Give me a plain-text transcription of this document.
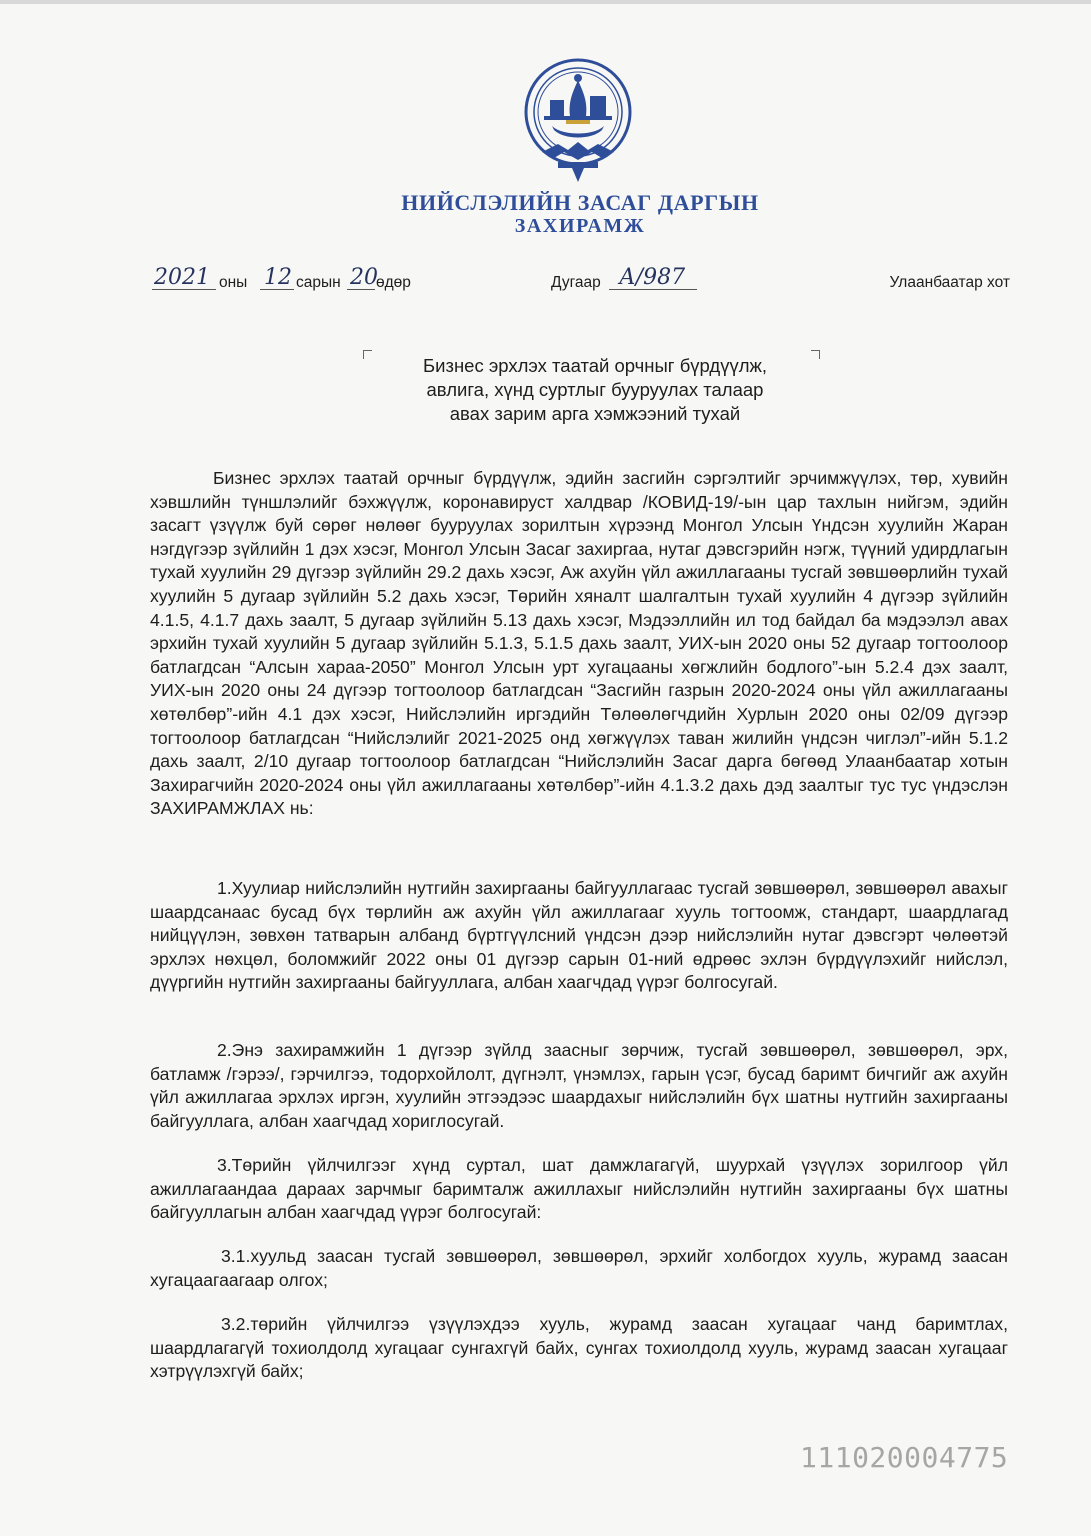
НИЙСЛЭЛИЙН ЗАСАГ ДАРГЫН
ЗАХИРАМЖ
2021 оны 12 сарын 20
өдөр	Дугаар А/987	Улаанбаатар хот
Бизнес эрхлэх таатай орчныг бүрдүүлж,
авлига, хүнд суртлыг бууруулах талаар
авах зарим арга хэмжээний тухай

Бизнес эрхлэх таатай орчныг бүрдүүлж, эдийн засгийн сэргэлтийг эрчимжүүлэх, төр, хувийн хэвшлийн түншлэлийг бэхжүүлж, коронавируст халдвар /КОВИД-19/-ын цар тахлын нийгэм, эдийн засагт үзүүлж буй сөрөг нөлөөг бууруулах зорилтын хүрээнд Монгол Улсын Үндсэн хуулийн Жаран нэгдүгээр зүйлийн 1 дэх хэсэг, Монгол Улсын Засаг захиргаа, нутаг дэвсгэрийн нэгж, түүний удирдлагын тухай хуулийн 29 дүгээр зүйлийн 29.2 дахь хэсэг, Аж ахуйн үйл ажиллагааны тусгай зөвшөөрлийн тухай хуулийн 5 дугаар зүйлийн 5.2 дахь хэсэг, Төрийн хяналт шалгалтын тухай хуулийн 4 дүгээр зүйлийн 4.1.5, 4.1.7 дахь заалт, 5 дугаар зүйлийн 5.13 дахь хэсэг, Мэдээллийн ил тод байдал ба мэдээлэл авах эрхийн тухай хуулийн 5 дугаар зүйлийн 5.1.3, 5.1.5 дахь заалт, УИХ-ын 2020 оны 52 дугаар тогтоолоор батлагдсан “Алсын хараа-2050” Монгол Улсын урт хугацааны хөгжлийн бодлого”-ын 5.2.4 дэх заалт, УИХ-ын 2020 оны 24 дүгээр тогтоолоор батлагдсан “Засгийн газрын 2020-2024 оны үйл ажиллагааны хөтөлбөр”-ийн 4.1 дэх хэсэг, Нийслэлийн иргэдийн Төлөөлөгчдийн Хурлын 2020 оны 02/09 дүгээр тогтоолоор батлагдсан “Нийслэлийг 2021-2025 онд хөгжүүлэх таван жилийн үндсэн чиглэл”-ийн 5.1.2 дахь заалт, 2/10 дугаар тогтоолоор батлагдсан “Нийслэлийн Засаг дарга бөгөөд Улаанбаатар хотын Захирагчийн 2020-2024 оны үйл ажиллагааны хөтөлбөр”-ийн 4.1.3.2 дахь дэд заалтыг тус тус үндэслэн ЗАХИРАМЖЛАХ нь:

1.Хуулиар нийслэлийн нутгийн захиргааны байгууллагаас тусгай зөвшөөрөл, зөвшөөрөл авахыг шаардсанаас бусад бүх төрлийн аж ахуйн үйл ажиллагааг хууль тогтоомж, стандарт, шаардлагад нийцүүлэн, зөвхөн татварын албанд бүртгүүлсний үндсэн дээр нийслэлийн нутаг дэвсгэрт чөлөөтэй эрхлэх нөхцөл, боломжийг 2022 оны 01 дүгээр сарын 01-ний өдрөөс эхлэн бүрдүүлэхийг нийслэл, дүүргийн нутгийн захиргааны байгууллага, албан хаагчдад үүрэг болгосугай.

2.Энэ захирамжийн 1 дүгээр зүйлд заасныг зөрчиж, тусгай зөвшөөрөл, зөвшөөрөл, эрх, батламж /гэрээ/, гэрчилгээ, тодорхойлолт, дүгнэлт, үнэмлэх, гарын үсэг, бусад баримт бичгийг аж ахуйн үйл ажиллагаа эрхлэх иргэн, хуулийн этгээдээс шаардахыг нийслэлийн бүх шатны нутгийн захиргааны байгууллага, албан хаагчдад хориглосугай.

3.Төрийн үйлчилгээг хүнд суртал, шат дамжлагагүй, шуурхай үзүүлэх зорилгоор үйл ажиллагаандаа дараах зарчмыг баримталж ажиллахыг нийслэлийн нутгийн захиргааны бүх шатны байгууллагын албан хаагчдад үүрэг болгосугай:

3.1.хуульд заасан тусгай зөвшөөрөл, зөвшөөрөл, эрхийг холбогдох хууль, журамд заасан хугацаагаагаар олгох;

3.2.төрийн үйлчилгээ үзүүлэхдээ хууль, журамд заасан хугацааг чанд баримтлах, шаардлагагүй тохиолдолд хугацааг сунгахгүй байх, сунгах тохиолдолд хууль, журамд заасан хугацааг хэтрүүлэхгүй байх;

111020004775
